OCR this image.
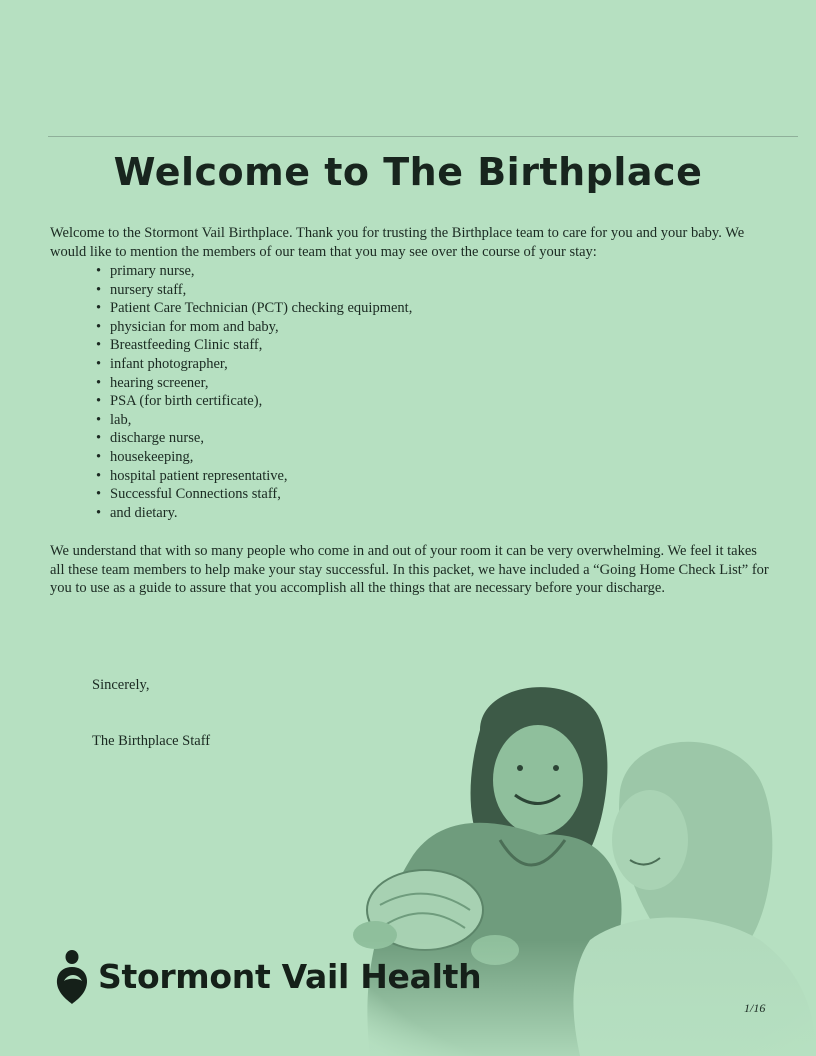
Welcome to The Birthplace

Welcome to the Stormont Vail Birthplace. Thank you for trusting the Birthplace team to care for you and your baby. We would like to mention the members of our team that you may see over the course of your stay:

• primary nurse,
• nursery staff,
• Patient Care Technician (PCT) checking equipment,
• physician for mom and baby,
• Breastfeeding Clinic staff,
• infant photographer,
• hearing screener,
• PSA (for birth certificate),
• lab,
• discharge nurse,
• housekeeping,
• hospital patient representative,
• Successful Connections staff,
• and dietary.

We understand that with so many people who come in and out of your room it can be very overwhelming. We feel it takes all these team members to help make your stay successful. In this packet, we have included a “Going Home Check List” for you to use as a guide to assure that you accomplish all the things that are necessary before your discharge.

Sincerely,

The Birthplace Staff

Stormont Vail Health
1/16
